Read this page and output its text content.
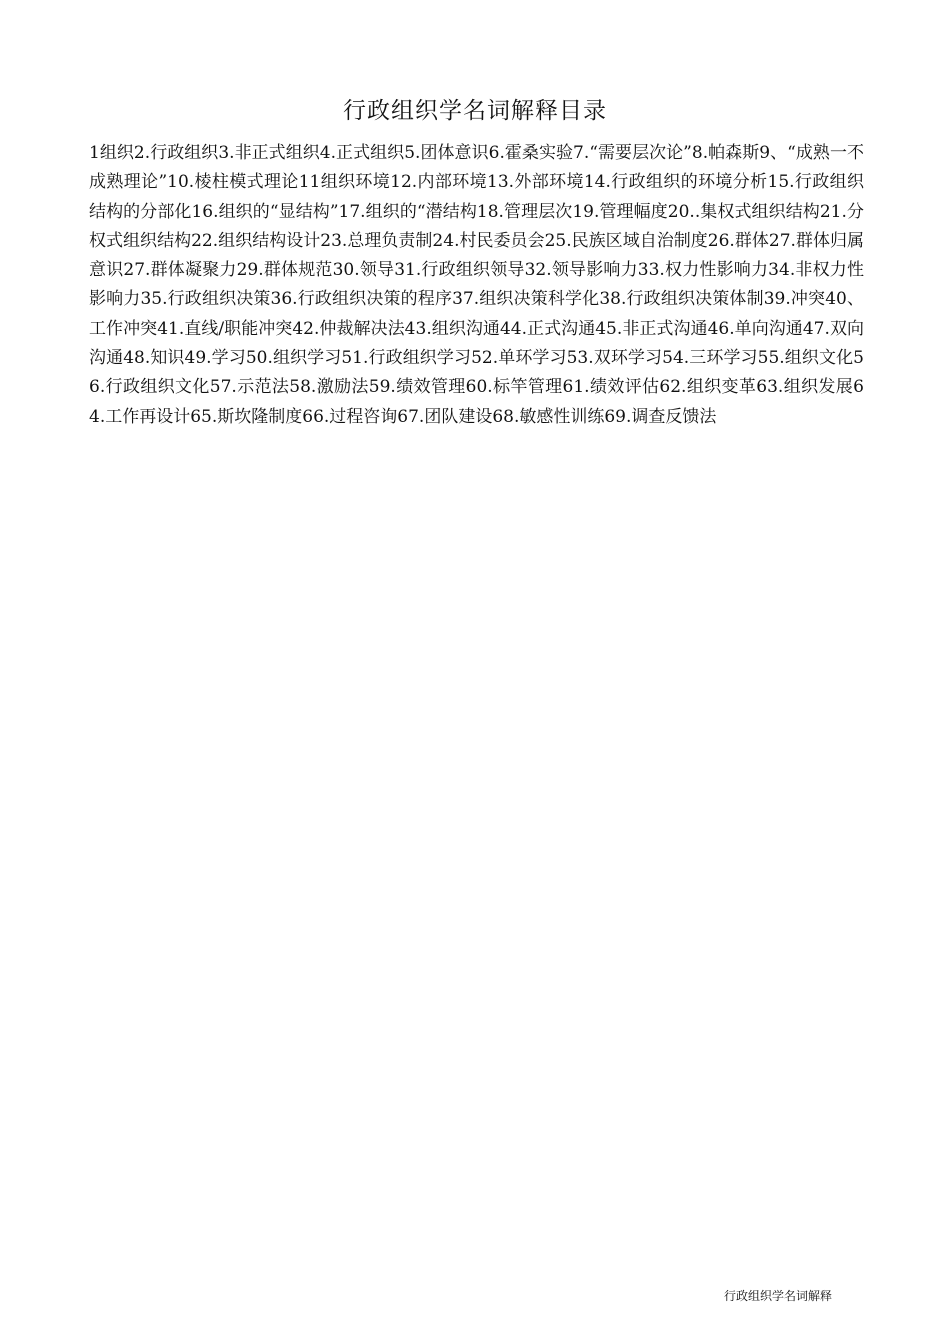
行政组织学名词解释目录
1组织2.行政组织3.非正式组织4.正式组织5.团体意识6.霍桑实验7.“需要层次论”8.帕森斯9、“成熟一不成熟理论”10.棱柱模式理论11组织环境12.内部环境13.外部环境14.行政组织的环境分析15.行政组织结构的分部化16.组织的“显结构”17.组织的“潜结构18.管理层次19.管理幅度20..集权式组织结构21.分权式组织结构22.组织结构设计23.总理负责制24.村民委员会25.民族区域自治制度26.群体27.群体归属意识27.群体凝聚力29.群体规范30.领导31.行政组织领导32.领导影响力33.权力性影响力34.非权力性影响力35.行政组织决策36.行政组织决策的程序37.组织决策科学化38.行政组织决策体制39.冲突40、工作冲突41.直线/职能冲突42.仲裁解决法43.组织沟通44.正式沟通45.非正式沟通46.单向沟通47.双向沟通48.知识49.学习50.组织学习51.行政组织学习52.单环学习53.双环学习54.三环学习55.组织文化56.行政组织文化57.示范法58.激励法59.绩效管理60.标竿管理61.绩效评估62.组织变革63.组织发展64.工作再设计65.斯坎隆制度66.过程咨询67.团队建设68.敏感性训练69.调查反馈法
行政组织学名词解释
